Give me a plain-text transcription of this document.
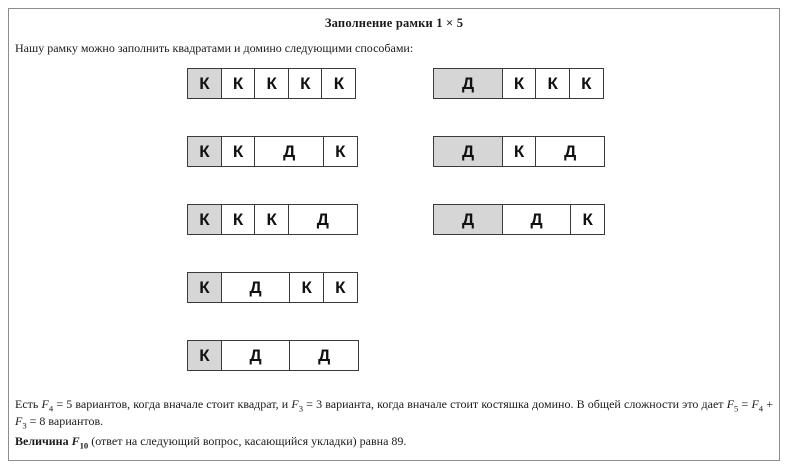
Заполнение рамки 1 × 5
Нашу рамку можно заполнить квадратами и домино следующими способами:
К	К	К	К	К
К	К	Д	К
К	К	К	Д
К	Д	К	К
К	Д	Д
Д	К	К	К
Д	К	Д
Д	Д	К

Есть $F_4 = 5$ вариантов, когда вначале стоит квадрат, и $F_3 = 3$ варианта, когда вначале стоит костяшка домино. В общей сложности это дает $F_5 = F_4 + F_3 = 8$ вариантов.

Величина $F_{10}$ (ответ на следующий вопрос, касающийся укладки) равна 89.
